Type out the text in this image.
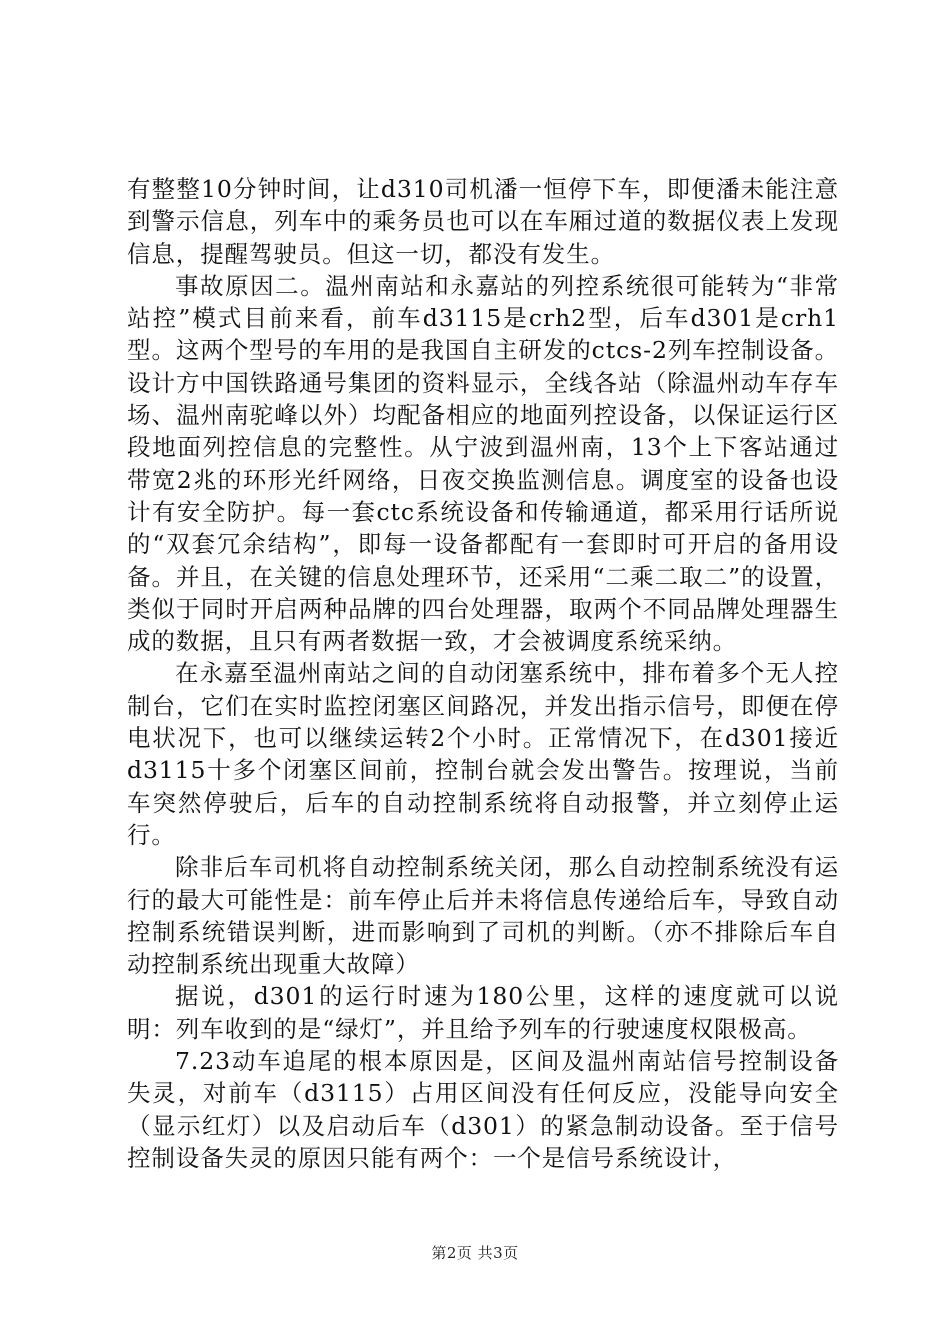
有整整10分钟时间，让d310司机潘一恒停下车，即便潘未能注意到警示信息，列车中的乘务员也可以在车厢过道的数据仪表上发现信息，提醒驾驶员。但这一切，都没有发生。

事故原因二。温州南站和永嘉站的列控系统很可能转为“非常站控”模式目前来看，前车d3115是crh2型，后车d301是crh1型。这两个型号的车用的是我国自主研发的ctcs-2列车控制设备。设计方中国铁路通号集团的资料显示，全线各站（除温州动车存车场、温州南驼峰以外）均配备相应的地面列控设备，以保证运行区段地面列控信息的完整性。从宁波到温州南，13个上下客站通过带宽2兆的环形光纤网络，日夜交换监测信息。调度室的设备也设计有安全防护。每一套ctc系统设备和传输通道，都采用行话所说的“双套冗余结构”，即每一设备都配有一套即时可开启的备用设备。并且，在关键的信息处理环节，还采用“二乘二取二”的设置，类似于同时开启两种品牌的四台处理器，取两个不同品牌处理器生成的数据，且只有两者数据一致，才会被调度系统采纳。

在永嘉至温州南站之间的自动闭塞系统中，排布着多个无人控制台，它们在实时监控闭塞区间路况，并发出指示信号，即便在停电状况下，也可以继续运转2个小时。正常情况下，在d301接近d3115十多个闭塞区间前，控制台就会发出警告。按理说，当前车突然停驶后，后车的自动控制系统将自动报警，并立刻停止运行。

除非后车司机将自动控制系统关闭，那么自动控制系统没有运行的最大可能性是：前车停止后并未将信息传递给后车，导致自动控制系统错误判断，进而影响到了司机的判断。（亦不排除后车自动控制系统出现重大故障）

据说，d301的运行时速为180公里，这样的速度就可以说明：列车收到的是“绿灯”，并且给予列车的行驶速度权限极高。

7.23动车追尾的根本原因是，区间及温州南站信号控制设备失灵，对前车（d3115）占用区间没有任何反应，没能导向安全（显示红灯）以及启动后车（d301）的紧急制动设备。至于信号控制设备失灵的原因只能有两个：一个是信号系统设计，

第2页 共3页
